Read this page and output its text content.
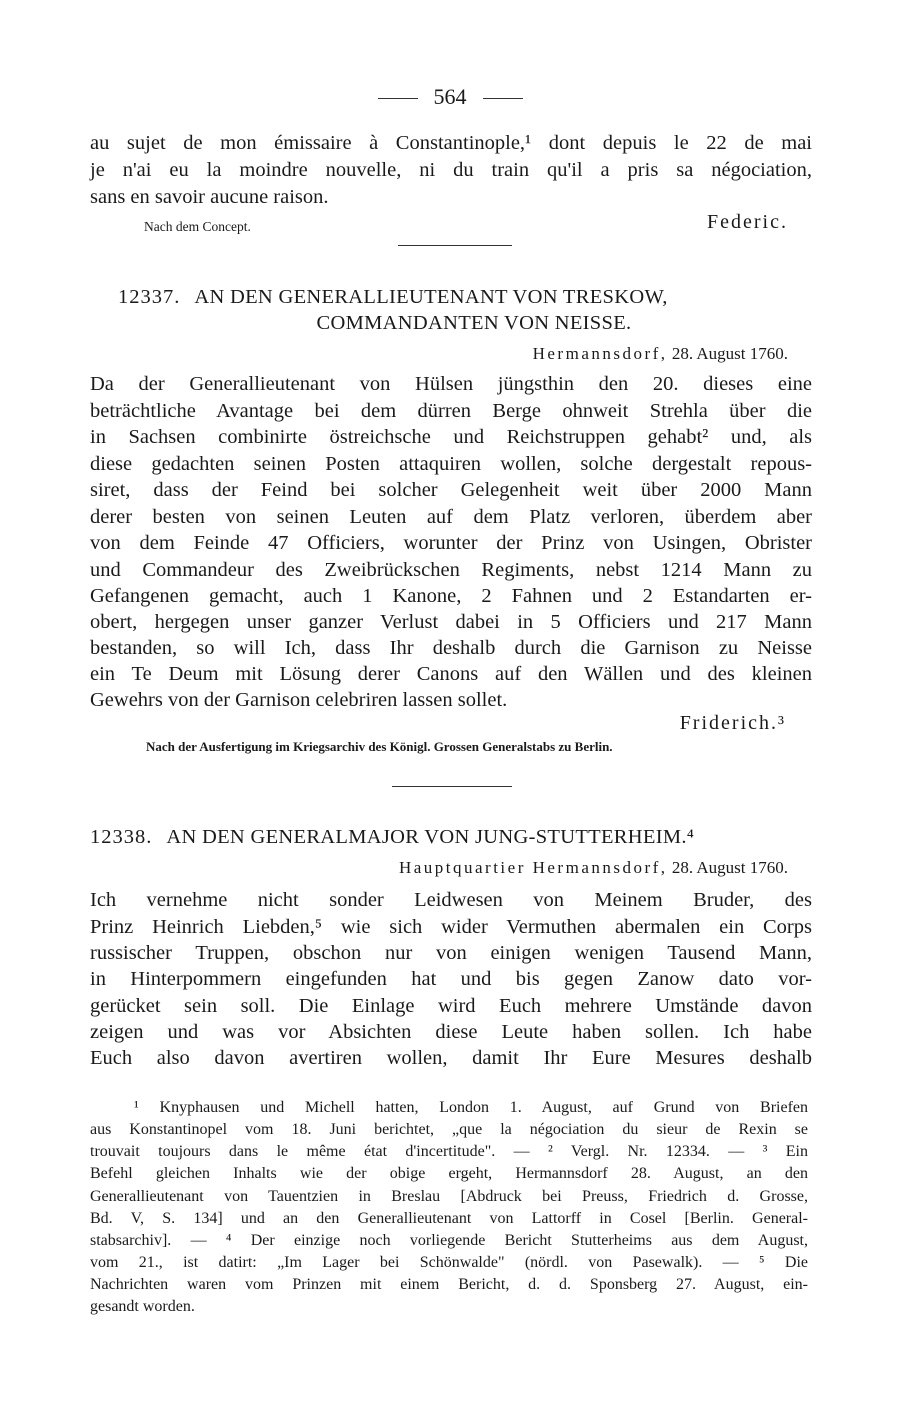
564
au sujet de mon émissaire à Constantinople,¹ dont depuis le 22 de mai
je n'ai eu la moindre nouvelle, ni du train qu'il a pris sa négociation,
sans en savoir aucune raison.
Nach dem Concept.	Federic.
12337. AN DEN GENERALLIEUTENANT VON TRESKOW,
COMMANDANTEN VON NEISSE.
Hermannsdorf, 28. August 1760.
Da der Generallieutenant von Hülsen jüngsthin den 20. dieses eine
beträchtliche Avantage bei dem dürren Berge ohnweit Strehla über die
in Sachsen combinirte östreichsche und Reichstruppen gehabt² und, als
diese gedachten seinen Posten attaquiren wollen, solche dergestalt repous-
siret, dass der Feind bei solcher Gelegenheit weit über 2000 Mann
derer besten von seinen Leuten auf dem Platz verloren, überdem aber
von dem Feinde 47 Officiers, worunter der Prinz von Usingen, Obrister
und Commandeur des Zweibrückschen Regiments, nebst 1214 Mann zu
Gefangenen gemacht, auch 1 Kanone, 2 Fahnen und 2 Estandarten er-
obert, hergegen unser ganzer Verlust dabei in 5 Officiers und 217 Mann
bestanden, so will Ich, dass Ihr deshalb durch die Garnison zu Neisse
ein Te Deum mit Lösung derer Canons auf den Wällen und des kleinen
Gewehrs von der Garnison celebriren lassen sollet.
Friderich.³
Nach der Ausfertigung im Kriegsarchiv des Königl. Grossen Generalstabs zu Berlin.
12338. AN DEN GENERALMAJOR VON JUNG-STUTTERHEIM.⁴
Hauptquartier Hermannsdorf, 28. August 1760.
Ich vernehme nicht sonder Leidwesen von Meinem Bruder, des
Prinz Heinrich Liebden,⁵ wie sich wider Vermuthen abermalen ein Corps
russischer Truppen, obschon nur von einigen wenigen Tausend Mann,
in Hinterpommern eingefunden hat und bis gegen Zanow dato vor-
gerücket sein soll. Die Einlage wird Euch mehrere Umstände davon
zeigen und was vor Absichten diese Leute haben sollen. Ich habe
Euch also davon avertiren wollen, damit Ihr Eure Mesures deshalb
¹ Knyphausen und Michell hatten, London 1. August, auf Grund von Briefen
aus Konstantinopel vom 18. Juni berichtet, „que la négociation du sieur de Rexin se
trouvait toujours dans le même état d'incertitude". — ² Vergl. Nr. 12334. — ³ Ein
Befehl gleichen Inhalts wie der obige ergeht, Hermannsdorf 28. August, an den
Generallieutenant von Tauentzien in Breslau [Abdruck bei Preuss, Friedrich d. Grosse,
Bd. V, S. 134] und an den Generallieutenant von Lattorff in Cosel [Berlin. General-
stabsarchiv]. — ⁴ Der einzige noch vorliegende Bericht Stutterheims aus dem August,
vom 21., ist datirt: „Im Lager bei Schönwalde" (nördl. von Pasewalk). — ⁵ Die
Nachrichten waren vom Prinzen mit einem Bericht, d. d. Sponsberg 27. August, ein-
gesandt worden.
